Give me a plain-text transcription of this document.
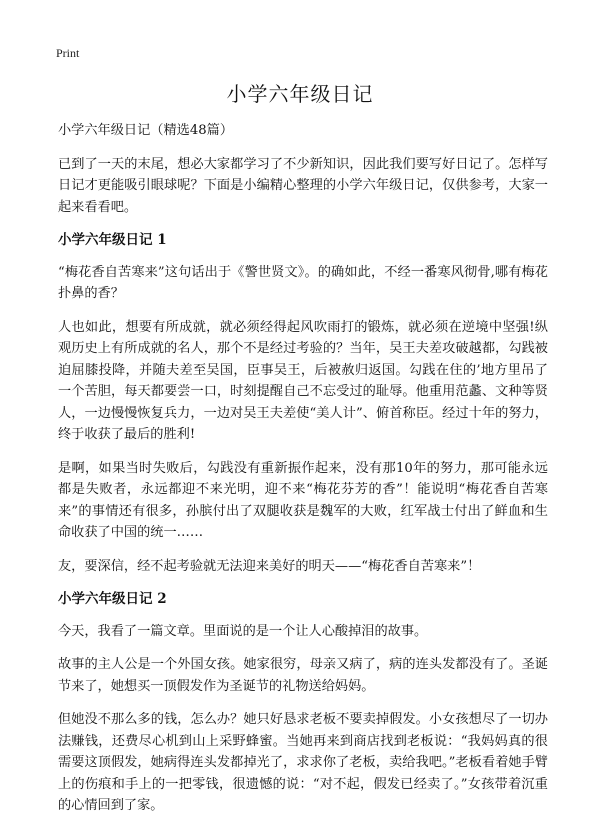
Print
小学六年级日记

小学六年级日记（精选48篇）

已到了一天的末尾，想必大家都学习了不少新知识，因此我们要写好日记了。怎样写日记才更能吸引眼球呢？下面是小编精心整理的小学六年级日记，仅供参考，大家一起来看看吧。

小学六年级日记 1

“梅花香自苦寒来”这句话出于《警世贤文》。的确如此，不经一番寒风彻骨,哪有梅花扑鼻的香？

人也如此，想要有所成就，就必须经得起风吹雨打的锻炼，就必须在逆境中坚强!纵观历史上有所成就的名人，那个不是经过考验的？当年，吴王夫差攻破越都，勾践被迫屈膝投降，并随夫差至吴国，臣事吴王，后被赦归返国。勾践在住的’地方里吊了一个苦胆，每天都要尝一口，时刻提醒自己不忘受过的耻辱。他重用范蠡、文种等贤人，一边慢慢恢复兵力，一边对吴王夫差使“美人计”、俯首称臣。经过十年的努力，终于收获了最后的胜利!

是啊，如果当时失败后，勾践没有重新振作起来，没有那10年的努力，那可能永远都是失败者，永远都迎不来光明，迎不来“梅花芬芳的香”！能说明“梅花香自苦寒来”的事情还有很多，孙膑付出了双腿收获是魏军的大败，红军战士付出了鲜血和生命收获了中国的统一……

友，要深信，经不起考验就无法迎来美好的明天——“梅花香自苦寒来”！

小学六年级日记 2

今天，我看了一篇文章。里面说的是一个让人心酸掉泪的故事。

故事的主人公是一个外国女孩。她家很穷，母亲又病了，病的连头发都没有了。圣诞节来了，她想买一顶假发作为圣诞节的礼物送给妈妈。

但她没不那么多的钱，怎么办？她只好恳求老板不要卖掉假发。小女孩想尽了一切办法赚钱，还费尽心机到山上采野蜂蜜。当她再来到商店找到老板说：“我妈妈真的很需要这顶假发，她病得连头发都掉光了，求求你了老板，卖给我吧。”老板看着她手臂上的伤痕和手上的一把零钱，很遗憾的说：“对不起，假发已经卖了。”女孩带着沉重的心情回到了家。
